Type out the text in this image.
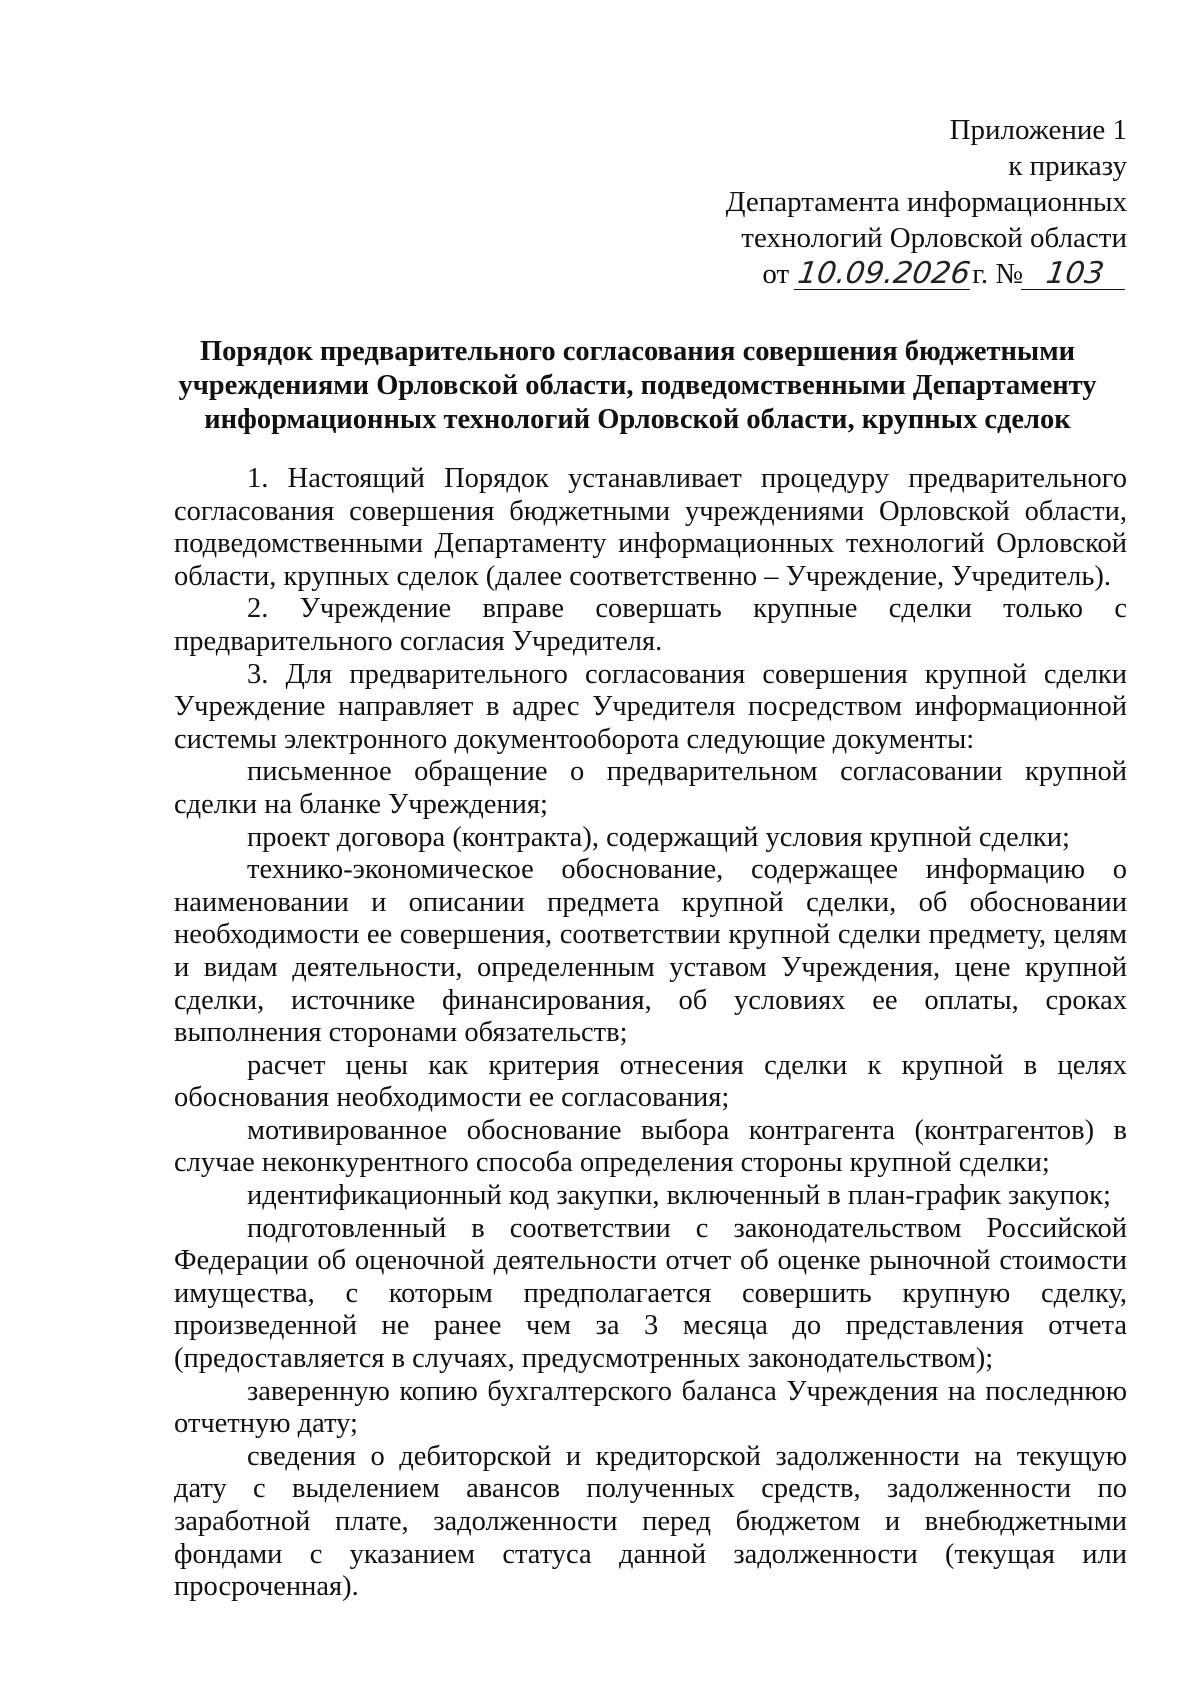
Приложение 1
к приказу
Департамента информационных
технологий Орловской области
от 10.09.2026г. № 103
Порядок предварительного согласования совершения бюджетными
учреждениями Орловской области, подведомственными Департаменту
информационных технологий Орловской области, крупных сделок

1. Настоящий Порядок устанавливает процедуру предварительного согласования совершения бюджетными учреждениями Орловской области, подведомственными Департаменту информационных технологий Орловской области, крупных сделок (далее соответственно – Учреждение, Учредитель).

2. Учреждение вправе совершать крупные сделки только с предварительного согласия Учредителя.

3. Для предварительного согласования совершения крупной сделки Учреждение направляет в адрес Учредителя посредством информационной системы электронного документооборота следующие документы:

письменное обращение о предварительном согласовании крупной сделки на бланке Учреждения;

проект договора (контракта), содержащий условия крупной сделки;

технико-экономическое обоснование, содержащее информацию о наименовании и описании предмета крупной сделки, об обосновании необходимости ее совершения, соответствии крупной сделки предмету, целям и видам деятельности, определенным уставом Учреждения, цене крупной сделки, источнике финансирования, об условиях ее оплаты, сроках выполнения сторонами обязательств;

расчет цены как критерия отнесения сделки к крупной в целях обоснования необходимости ее согласования;

мотивированное обоснование выбора контрагента (контрагентов) в случае неконкурентного способа определения стороны крупной сделки;

идентификационный код закупки, включенный в план-график закупок;

подготовленный в соответствии с законодательством Российской Федерации об оценочной деятельности отчет об оценке рыночной стоимости имущества, с которым предполагается совершить крупную сделку, произведенной не ранее чем за 3 месяца до представления отчета (предоставляется в случаях, предусмотренных законодательством);

заверенную копию бухгалтерского баланса Учреждения на последнюю отчетную дату;

сведения о дебиторской и кредиторской задолженности на текущую дату с выделением авансов полученных средств, задолженности по заработной плате, задолженности перед бюджетом и внебюджетными фондами с указанием статуса данной задолженности (текущая или просроченная).
